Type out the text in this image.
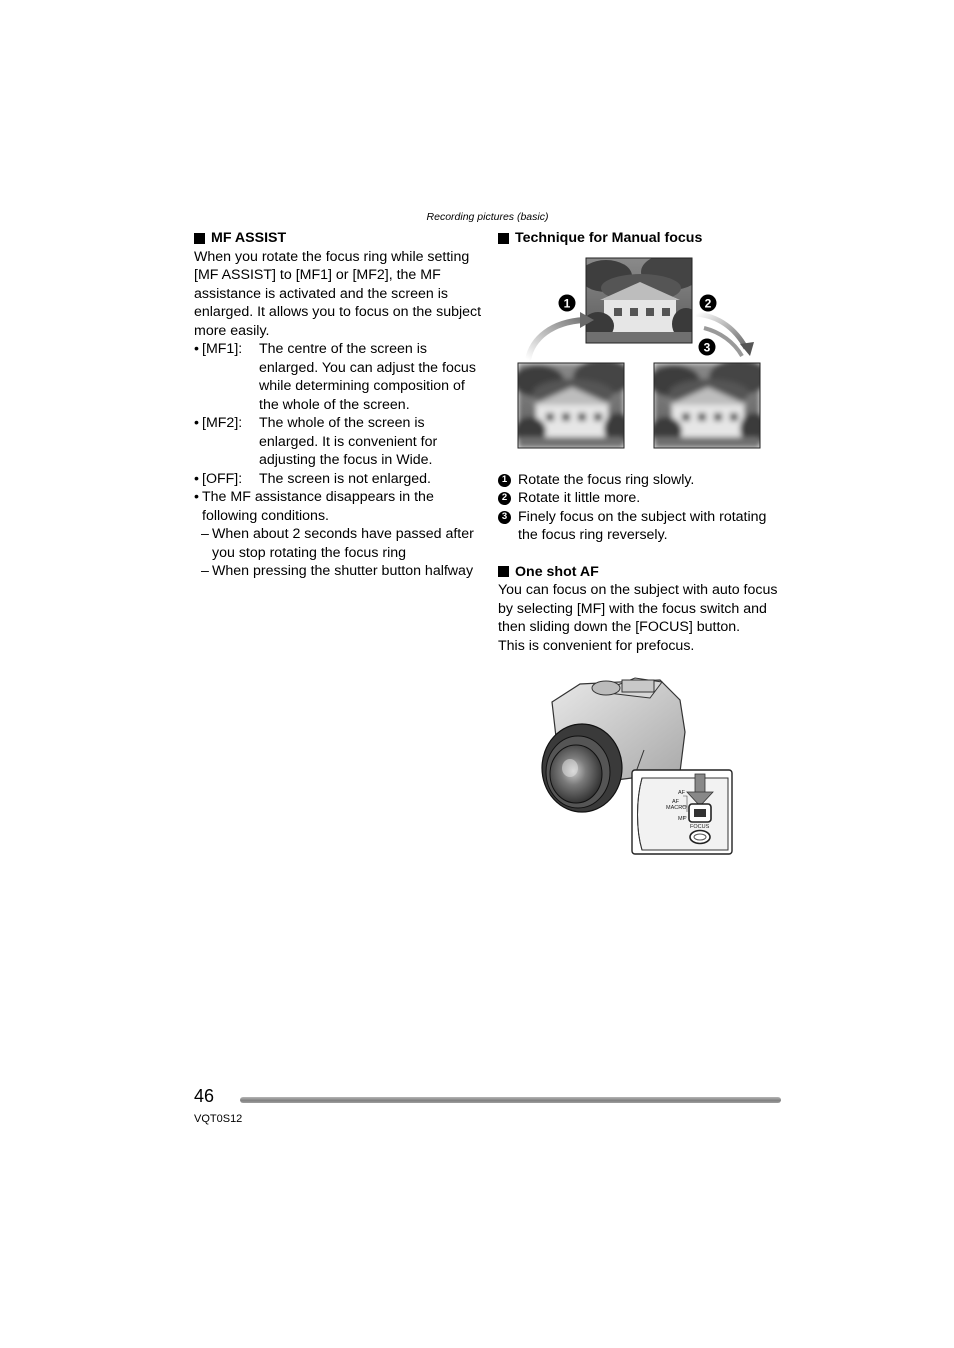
Recording pictures (basic)
MF ASSIST

When you rotate the focus ring while setting [MF ASSIST] to [MF1] or [MF2], the MF assistance is activated and the screen is enlarged. It allows you to focus on the subject more easily.

• [MF1]:	The centre of the screen is enlarged. You can adjust the focus while determining composition of the whole of the screen.
• [MF2]:	The whole of the screen is enlarged. It is convenient for adjusting the focus in Wide.
• [OFF]:	The screen is not enlarged.
• The MF assistance disappears in the following conditions.
– When about 2 seconds have passed after you stop rotating the focus ring
– When pressing the shutter button halfway
Technique for Manual focus
1 Rotate the focus ring slowly.
2 Rotate it little more.
3 Finely focus on the subject with rotating the focus ring reversely.
One shot AF

You can focus on the subject with auto focus by selecting [MF] with the focus switch and then sliding down the [FOCUS] button.

This is convenient for prefocus.

1	2
3
AF
AF
MACRO
MF
FOCUS
46
VQT0S12
